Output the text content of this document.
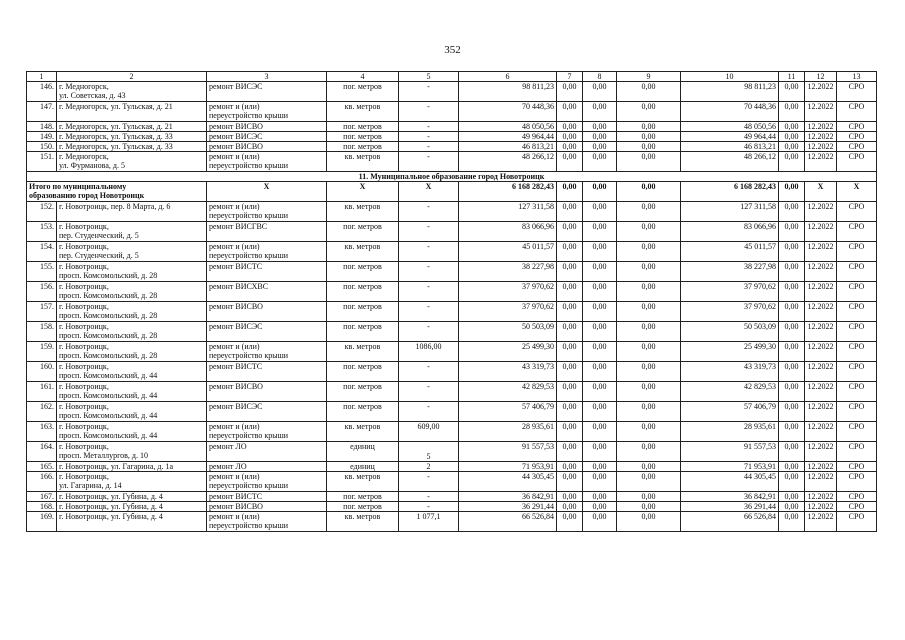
352
1	2	3	4	5	6	7	8	9	10	11	12	13
146.	г. Медногорск,
ул. Советская, д. 43	ремонт ВИСЭС	пог. метров	-	98 811,23	0,00	0,00	0,00	98 811,23	0,00	12.2022	СРО
147.	г. Медногорск, ул. Тульская, д. 21	ремонт и (или)
переустройство крыши	кв. метров	-	70 448,36	0,00	0,00	0,00	70 448,36	0,00	12.2022	СРО
148.	г. Медногорск, ул. Тульская, д. 21	ремонт ВИСВО	пог. метров	-	48 050,56	0,00	0,00	0,00	48 050,56	0,00	12.2022	СРО
149.	г. Медногорск, ул. Тульская, д. 33	ремонт ВИСЭС	пог. метров	-	49 964,44	0,00	0,00	0,00	49 964,44	0,00	12.2022	СРО
150.	г. Медногорск, ул. Тульская, д. 33	ремонт ВИСВО	пог. метров	-	46 813,21	0,00	0,00	0,00	46 813,21	0,00	12.2022	СРО
151.	г. Медногорск,
ул. Фурманова, д. 5	ремонт и (или)
переустройство крыши	кв. метров	-	48 266,12	0,00	0,00	0,00	48 266,12	0,00	12.2022	СРО
11. Муниципальное образование город Новотроицк												

Итого по муниципальному
образованию город Новотроицк		Х	Х	Х	6 168 282,43	0,00	0,00	0,00	6 168 282,43	0,00	Х	Х
152.	г. Новотроицк, пер. 8 Марта, д. 6	ремонт и (или)
переустройство крыши	кв. метров	-	127 311,58	0,00	0,00	0,00	127 311,58	0,00	12.2022	СРО
153.	г. Новотроицк,
пер. Студенческий, д. 5	ремонт ВИСГВС	пог. метров	-	83 066,96	0,00	0,00	0,00	83 066,96	0,00	12.2022	СРО
154.	г. Новотроицк,
пер. Студенческий, д. 5	ремонт и (или)
переустройство крыши	кв. метров	-	45 011,57	0,00	0,00	0,00	45 011,57	0,00	12.2022	СРО
155.	г. Новотроицк,
просп. Комсомольский, д. 28	ремонт ВИСТС	пог. метров	-	38 227,98	0,00	0,00	0,00	38 227,98	0,00	12.2022	СРО
156.	г. Новотроицк,
просп. Комсомольский, д. 28	ремонт ВИСХВС	пог. метров	-	37 970,62	0,00	0,00	0,00	37 970,62	0,00	12.2022	СРО
157.	г. Новотроицк,
просп. Комсомольский, д. 28	ремонт ВИСВО	пог. метров	-	37 970,62	0,00	0,00	0,00	37 970,62	0,00	12.2022	СРО
158.	г. Новотроицк,
просп. Комсомольский, д. 28	ремонт ВИСЭС	пог. метров	-	50 503,09	0,00	0,00	0,00	50 503,09	0,00	12.2022	СРО
159.	г. Новотроицк,
просп. Комсомольский, д. 28	ремонт и (или)
переустройство крыши	кв. метров	1086,00	25 499,30	0,00	0,00	0,00	25 499,30	0,00	12.2022	СРО
160.	г. Новотроицк,
просп. Комсомольский, д. 44	ремонт ВИСТС	пог. метров	-	43 319,73	0,00	0,00	0,00	43 319,73	0,00	12.2022	СРО
161.	г. Новотроицк,
просп. Комсомольский, д. 44	ремонт ВИСВО	пог. метров	-	42 829,53	0,00	0,00	0,00	42 829,53	0,00	12.2022	СРО
162.	г. Новотроицк,
просп. Комсомольский, д. 44	ремонт ВИСЭС	пог. метров	-	57 406,79	0,00	0,00	0,00	57 406,79	0,00	12.2022	СРО
163.	г. Новотроицк,
просп. Комсомольский, д. 44	ремонт и (или)
переустройство крыши	кв. метров	609,00	28 935,61	0,00	0,00	0,00	28 935,61	0,00	12.2022	СРО
164.	г. Новотроицк,
просп. Металлургов, д. 10	ремонт ЛО	единиц	5	91 557,53	0,00	0,00	0,00	91 557,53	0,00	12.2022	СРО
165.	г. Новотроицк, ул. Гагарина, д. 1а	ремонт ЛО	единиц	2	71 953,91	0,00	0,00	0,00	71 953,91	0,00	12.2022	СРО
166.	г. Новотроицк,
ул. Гагарина, д. 14	ремонт и (или)
переустройство крыши	кв. метров	-	44 305,45	0,00	0,00	0,00	44 305,45	0,00	12.2022	СРО
167.	г. Новотроицк, ул. Губина, д. 4	ремонт ВИСТС	пог. метров	-	36 842,91	0,00	0,00	0,00	36 842,91	0,00	12.2022	СРО
168.	г. Новотроицк, ул. Губина, д. 4	ремонт ВИСВО	пог. метров	-	36 291,44	0,00	0,00	0,00	36 291,44	0,00	12.2022	СРО
169.	г. Новотроицк, ул. Губина, д. 4	ремонт и (или)
переустройство крыши	кв. метров	1 077,1	66 526,84	0,00	0,00	0,00	66 526,84	0,00	12.2022	СРО
